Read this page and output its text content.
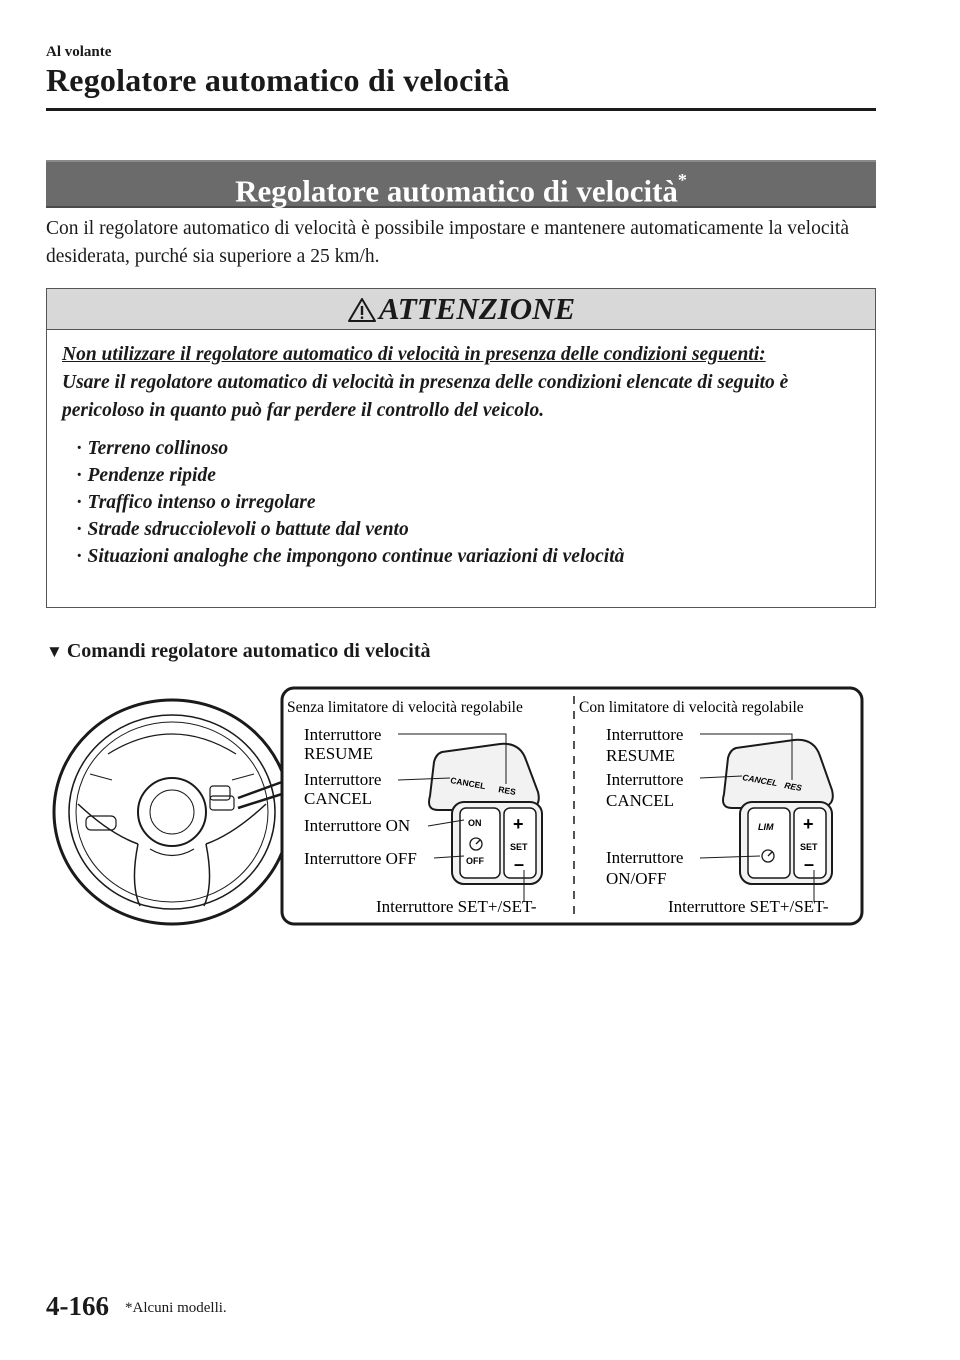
Al volante
Regolatore automatico di velocità
Regolatore automatico di velocità*
Con il regolatore automatico di velocità è possibile impostare e mantenere automaticamente la velocità desiderata, purché sia superiore a 25 km/h.
ATTENZIONE
Non utilizzare il regolatore automatico di velocità in presenza delle condizioni seguenti:
Usare il regolatore automatico di velocità in presenza delle condizioni elencate di seguito è pericoloso in quanto può far perdere il controllo del veicolo.
· Terreno collinoso
· Pendenze ripide
· Traffico intenso o irregolare
· Strade sdrucciolevoli o battute dal vento
· Situazioni analoghe che impongono continue variazioni di velocità
▼ Comandi regolatore automatico di velocità
Senza limitatore di velocità regolabile	Con limitatore di velocità regolabile
CANCEL RES
ON
OFF
+
SET
–
Interruttore
RESUME
Interruttore
CANCEL
Interruttore ON
Interruttore OFF
Interruttore SET+/SET-
CANCEL RES
LIM +
SET
–
Interruttore
RESUME
Interruttore
CANCEL
Interruttore
ON/OFF
Interruttore SET+/SET-
4-166 *Alcuni modelli.
